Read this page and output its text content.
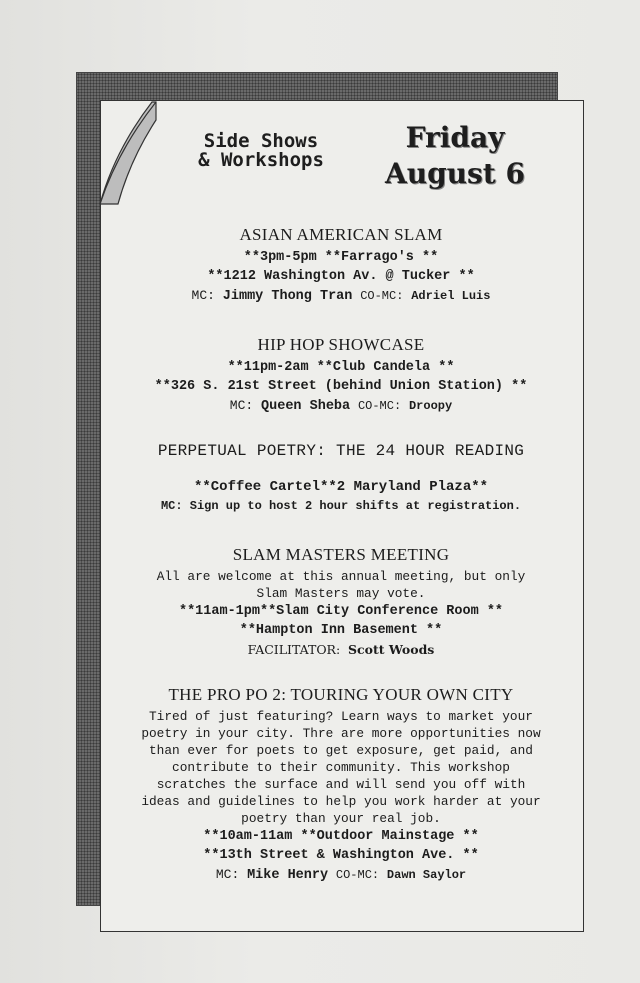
Side Shows
& Workshops
Friday
August 6
ASIAN AMERICAN SLAM
**3pm-5pm **Farrago's **
**1212 Washington Av. @ Tucker **
MC: Jimmy Thong Tran CO-MC: Adriel Luis
HIP HOP SHOWCASE
**11pm-2am **Club Candela **
**326 S. 21st Street (behind Union Station) **
MC: Queen Sheba CO-MC: Droopy
PERPETUAL POETRY: THE 24 HOUR READING
**Coffee Cartel**2 Maryland Plaza**
MC: Sign up to host 2 hour shifts at registration.
SLAM MASTERS MEETING
All are welcome at this annual meeting, but only
Slam Masters may vote.
**11am-1pm**Slam City Conference Room **
**Hampton Inn Basement **
FACILITATOR: Scott Woods
THE PRO PO 2: TOURING YOUR OWN CITY
Tired of just featuring? Learn ways to market your
poetry in your city. Thre are more opportunities now
than ever for poets to get exposure, get paid, and
contribute to their community. This workshop
scratches the surface and will send you off with
ideas and guidelines to help you work harder at your
poetry than your real job.
**10am-11am **Outdoor Mainstage **
**13th Street & Washington Ave. **
MC: Mike Henry CO-MC: Dawn Saylor
